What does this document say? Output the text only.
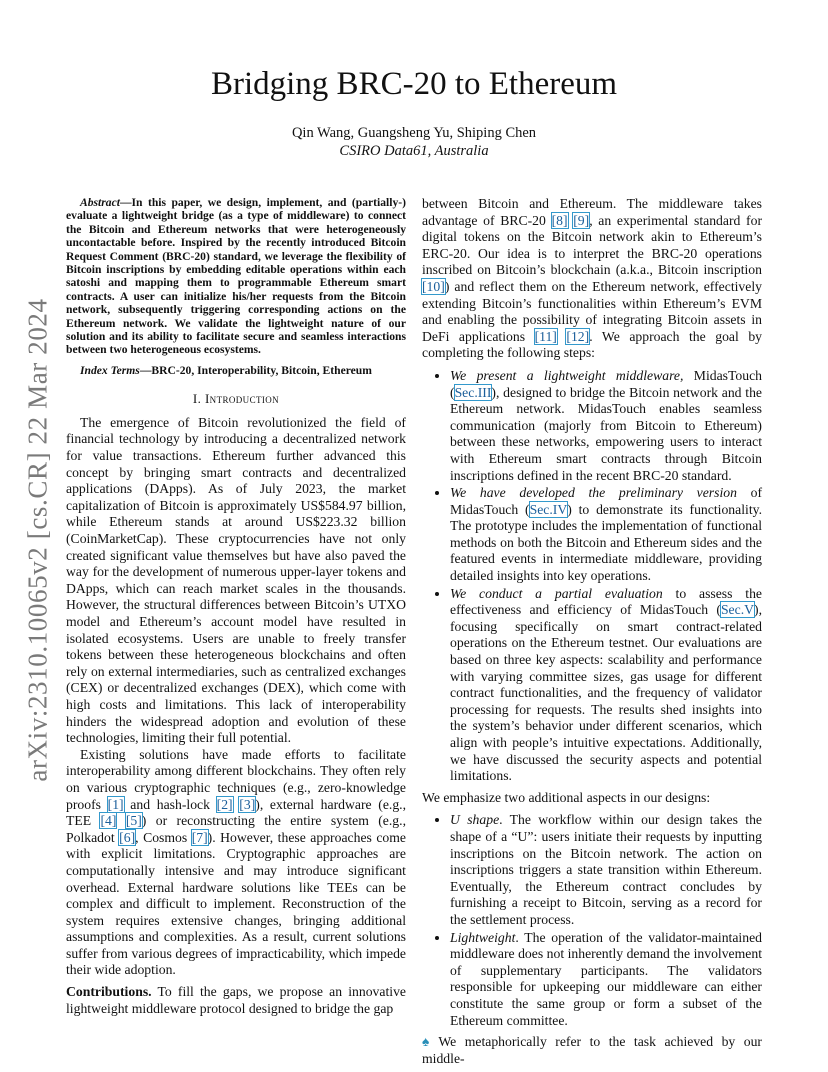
arXiv:2310.10065v2 [cs.CR] 22 Mar 2024
Bridging BRC-20 to Ethereum
Qin Wang, Guangsheng Yu, Shiping Chen
CSIRO Data61, Australia

Abstract—In this paper, we design, implement, and (partially-) evaluate a lightweight bridge (as a type of middleware) to connect the Bitcoin and Ethereum networks that were heterogeneously uncontactable before. Inspired by the recently introduced Bitcoin Request Comment (BRC-20) standard, we leverage the flexibility of Bitcoin inscriptions by embedding editable operations within each satoshi and mapping them to programmable Ethereum smart contracts. A user can initialize his/her requests from the Bitcoin network, subsequently triggering corresponding actions on the Ethereum network. We validate the lightweight nature of our solution and its ability to facilitate secure and seamless interactions between two heterogeneous ecosystems.

Index Terms—BRC-20, Interoperability, Bitcoin, Ethereum

I. Introduction

The emergence of Bitcoin revolutionized the field of financial technology by introducing a decentralized network for value transactions. Ethereum further advanced this concept by bringing smart contracts and decentralized applications (DApps). As of July 2023, the market capitalization of Bitcoin is approximately US$584.97 billion, while Ethereum stands at around US$223.32 billion (CoinMarketCap). These cryptocurrencies have not only created significant value themselves but have also paved the way for the development of numerous upper-layer tokens and DApps, which can reach market scales in the thousands. However, the structural differences between Bitcoin’s UTXO model and Ethereum’s account model have resulted in isolated ecosystems. Users are unable to freely transfer tokens between these heterogeneous blockchains and often rely on external intermediaries, such as centralized exchanges (CEX) or decentralized exchanges (DEX), which come with high costs and limitations. This lack of interoperability hinders the widespread adoption and evolution of these technologies, limiting their full potential.

Existing solutions have made efforts to facilitate interoperability among different blockchains. They often rely on various cryptographic techniques (e.g., zero-knowledge proofs [1] and hash-lock [2] [3]), external hardware (e.g., TEE [4] [5]) or reconstructing the entire system (e.g., Polkadot [6], Cosmos [7]). However, these approaches come with explicit limitations. Cryptographic approaches are computationally intensive and may introduce significant overhead. External hardware solutions like TEEs can be complex and difficult to implement. Reconstruction of the system requires extensive changes, bringing additional assumptions and complexities. As a result, current solutions suffer from various degrees of impracticability, which impede their wide adoption.

Contributions. To fill the gaps, we propose an innovative lightweight middleware protocol designed to bridge the gap

between Bitcoin and Ethereum. The middleware takes advantage of BRC-20 [8] [9], an experimental standard for digital tokens on the Bitcoin network akin to Ethereum’s ERC-20. Our idea is to interpret the BRC-20 operations inscribed on Bitcoin’s blockchain (a.k.a., Bitcoin inscription [10]) and reflect them on the Ethereum network, effectively extending Bitcoin’s functionalities within Ethereum’s EVM and enabling the possibility of integrating Bitcoin assets in DeFi applications [11] [12]. We approach the goal by completing the following steps:

• We present a lightweight middleware, MidasTouch (Sec.III), designed to bridge the Bitcoin network and the Ethereum network. MidasTouch enables seamless communication (majorly from Bitcoin to Ethereum) between these networks, empowering users to interact with Ethereum smart contracts through Bitcoin inscriptions defined in the recent BRC-20 standard.
• We have developed the preliminary version of MidasTouch (Sec.IV) to demonstrate its functionality. The prototype includes the implementation of functional methods on both the Bitcoin and Ethereum sides and the featured events in intermediate middleware, providing detailed insights into key operations.
• We conduct a partial evaluation to assess the effectiveness and efficiency of MidasTouch (Sec.V), focusing specifically on smart contract-related operations on the Ethereum testnet. Our evaluations are based on three key aspects: scalability and performance with varying committee sizes, gas usage for different contract functionalities, and the frequency of validator processing for requests. The results shed insights into the system’s behavior under different scenarios, which align with people’s intuitive expectations. Additionally, we have discussed the security aspects and potential limitations.

We emphasize two additional aspects in our designs:

• U shape. The workflow within our design takes the shape of a “U”: users initiate their requests by inputting inscriptions on the Bitcoin network. The action on inscriptions triggers a state transition within Ethereum. Eventually, the Ethereum contract concludes by furnishing a receipt to Bitcoin, serving as a record for the settlement process.
• Lightweight. The operation of the validator-maintained middleware does not inherently demand the involvement of supplementary participants. The validators responsible for upkeeping our middleware can either constitute the same group or form a subset of the Ethereum committee.

♠ We metaphorically refer to the task achieved by our middle-
